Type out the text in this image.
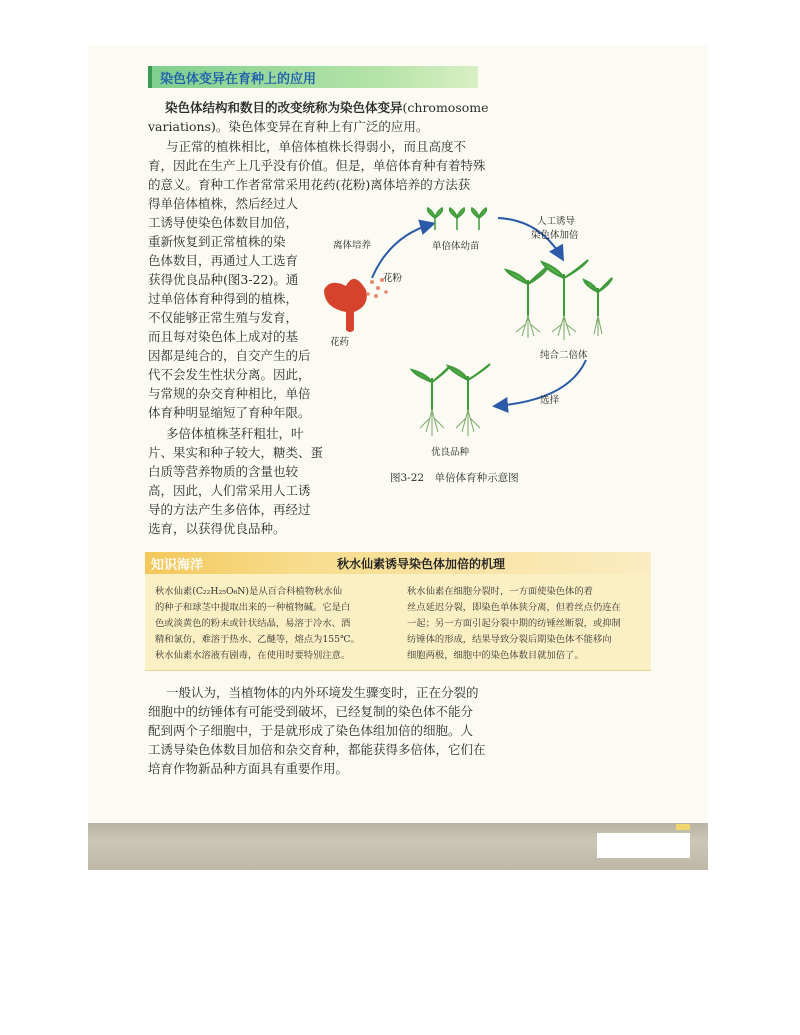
染色体变异在育种上的应用
染色体结构和数目的改变统称为染色体变异(chromosome
variations)。染色体变异在育种上有广泛的应用。
与正常的植株相比，单倍体植株长得弱小，而且高度不
育，因此在生产上几乎没有价值。但是，单倍体育种有着特殊
的意义。育种工作者常常采用花药(花粉)离体培养的方法获
得单倍体植株，然后经过人
工诱导使染色体数目加倍，
重新恢复到正常植株的染
色体数目，再通过人工选育
获得优良品种(图3-22)。通
过单倍体育种得到的植株，
不仅能够正常生殖与发育，
而且每对染色体上成对的基
因都是纯合的，自交产生的后
代不会发生性状分离。因此，
与常规的杂交育种相比，单倍
体育种明显缩短了育种年限。
多倍体植株茎秆粗壮，叶
片、果实和种子较大，糖类、蛋
白质等营养物质的含量也较
高，因此，人们常采用人工诱
导的方法产生多倍体，再经过
选育，以获得优良品种。
离体培养
花粉
花药
单倍体幼苗
人工诱导
染色体加倍
纯合二倍体
选择
优良品种
图3-22　单倍体育种示意图
知识海洋	秋水仙素诱导染色体加倍的机理
秋水仙素(C₂₂H₂₅O₆N)是从百合科植物秋水仙
的种子和球茎中提取出来的一种植物碱。它是白
色或淡黄色的粉末或针状结晶，易溶于冷水、酒
精和氯仿，难溶于热水、乙醚等，熔点为155℃。
秋水仙素水溶液有剧毒，在使用时要特别注意。
秋水仙素在细胞分裂时，一方面使染色体的着
丝点延迟分裂，即染色单体狭分离，但着丝点仍连在
一起；另一方面引起分裂中期的纺锤丝断裂，或抑制
纺锤体的形成，结果导致分裂后期染色体不能移向
细胞两极，细胞中的染色体数目就加倍了。
一般认为，当植物体的内外环境发生骤变时，正在分裂的
细胞中的纺锤体有可能受到破坏，已经复制的染色体不能分
配到两个子细胞中，于是就形成了染色体组加倍的细胞。人
工诱导染色体数目加倍和杂交育种，都能获得多倍体，它们在
培育作物新品种方面具有重要作用。
